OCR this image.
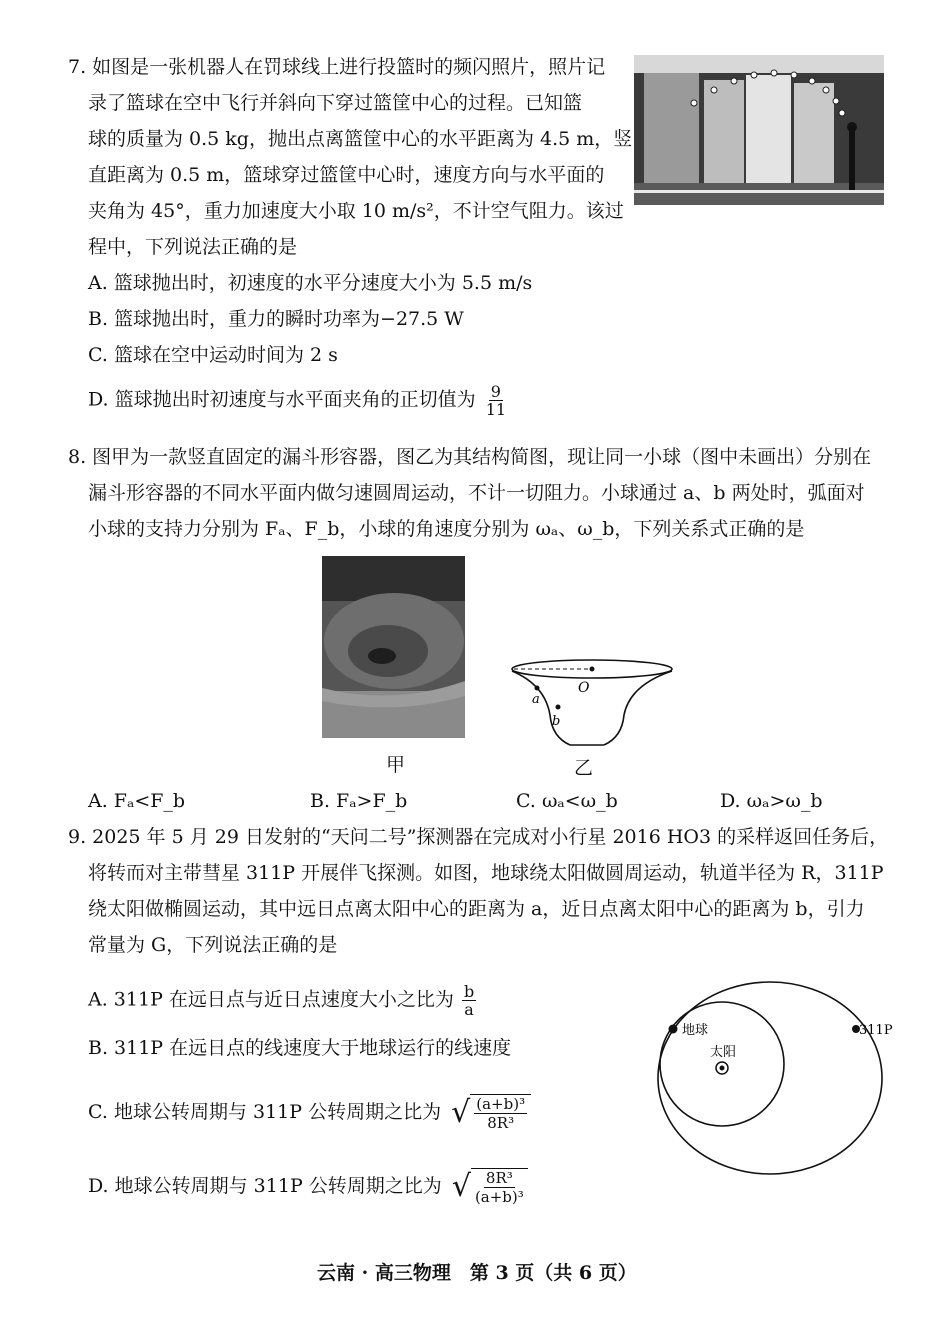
7. 如图是一张机器人在罚球线上进行投篮时的频闪照片，照片记
录了篮球在空中飞行并斜向下穿过篮筐中心的过程。已知篮
球的质量为 0.5 kg，抛出点离篮筐中心的水平距离为 4.5 m，竖
直距离为 0.5 m，篮球穿过篮筐中心时，速度方向与水平面的
夹角为 45°，重力加速度大小取 10 m/s²，不计空气阻力。该过
程中，下列说法正确的是
A. 篮球抛出时，初速度的水平分速度大小为 5.5 m/s
B. 篮球抛出时，重力的瞬时功率为−27.5 W
C. 篮球在空中运动时间为 2 s
D. 篮球抛出时初速度与水平面夹角的正切值为 $\frac{9}{11}$
8. 图甲为一款竖直固定的漏斗形容器，图乙为其结构简图，现让同一小球（图中未画出）分别在
漏斗形容器的不同水平面内做匀速圆周运动，不计一切阻力。小球通过 a、b 两处时，弧面对
小球的支持力分别为 Fₐ、F_b，小球的角速度分别为 ωₐ、ω_b，下列关系式正确的是
甲
O
a
b
乙
A. Fₐ<F_b	B. Fₐ>F_b	C. ωₐ<ω_b	D. ωₐ>ω_b
9. 2025 年 5 月 29 日发射的“天问二号”探测器在完成对小行星 2016 HO3 的采样返回任务后，
将转而对主带彗星 311P 开展伴飞探测。如图，地球绕太阳做圆周运动，轨道半径为 R，311P
绕太阳做椭圆运动，其中远日点离太阳中心的距离为 a，近日点离太阳中心的距离为 b，引力
常量为 G，下列说法正确的是
A. 311P 在远日点与近日点速度大小之比为 $\frac{b}{a}$
B. 311P 在远日点的线速度大于地球运行的线速度
C. 地球公转周期与 311P 公转周期之比为 √ $\frac{\text{(a+b)³}}{\text{8R³}}$
D. 地球公转周期与 311P 公转周期之比为 √ $\frac{\text{8R³}}{\text{(a+b)³}}$
地球
太阳
311P
云南 · 高三物理　第 3 页（共 6 页）
